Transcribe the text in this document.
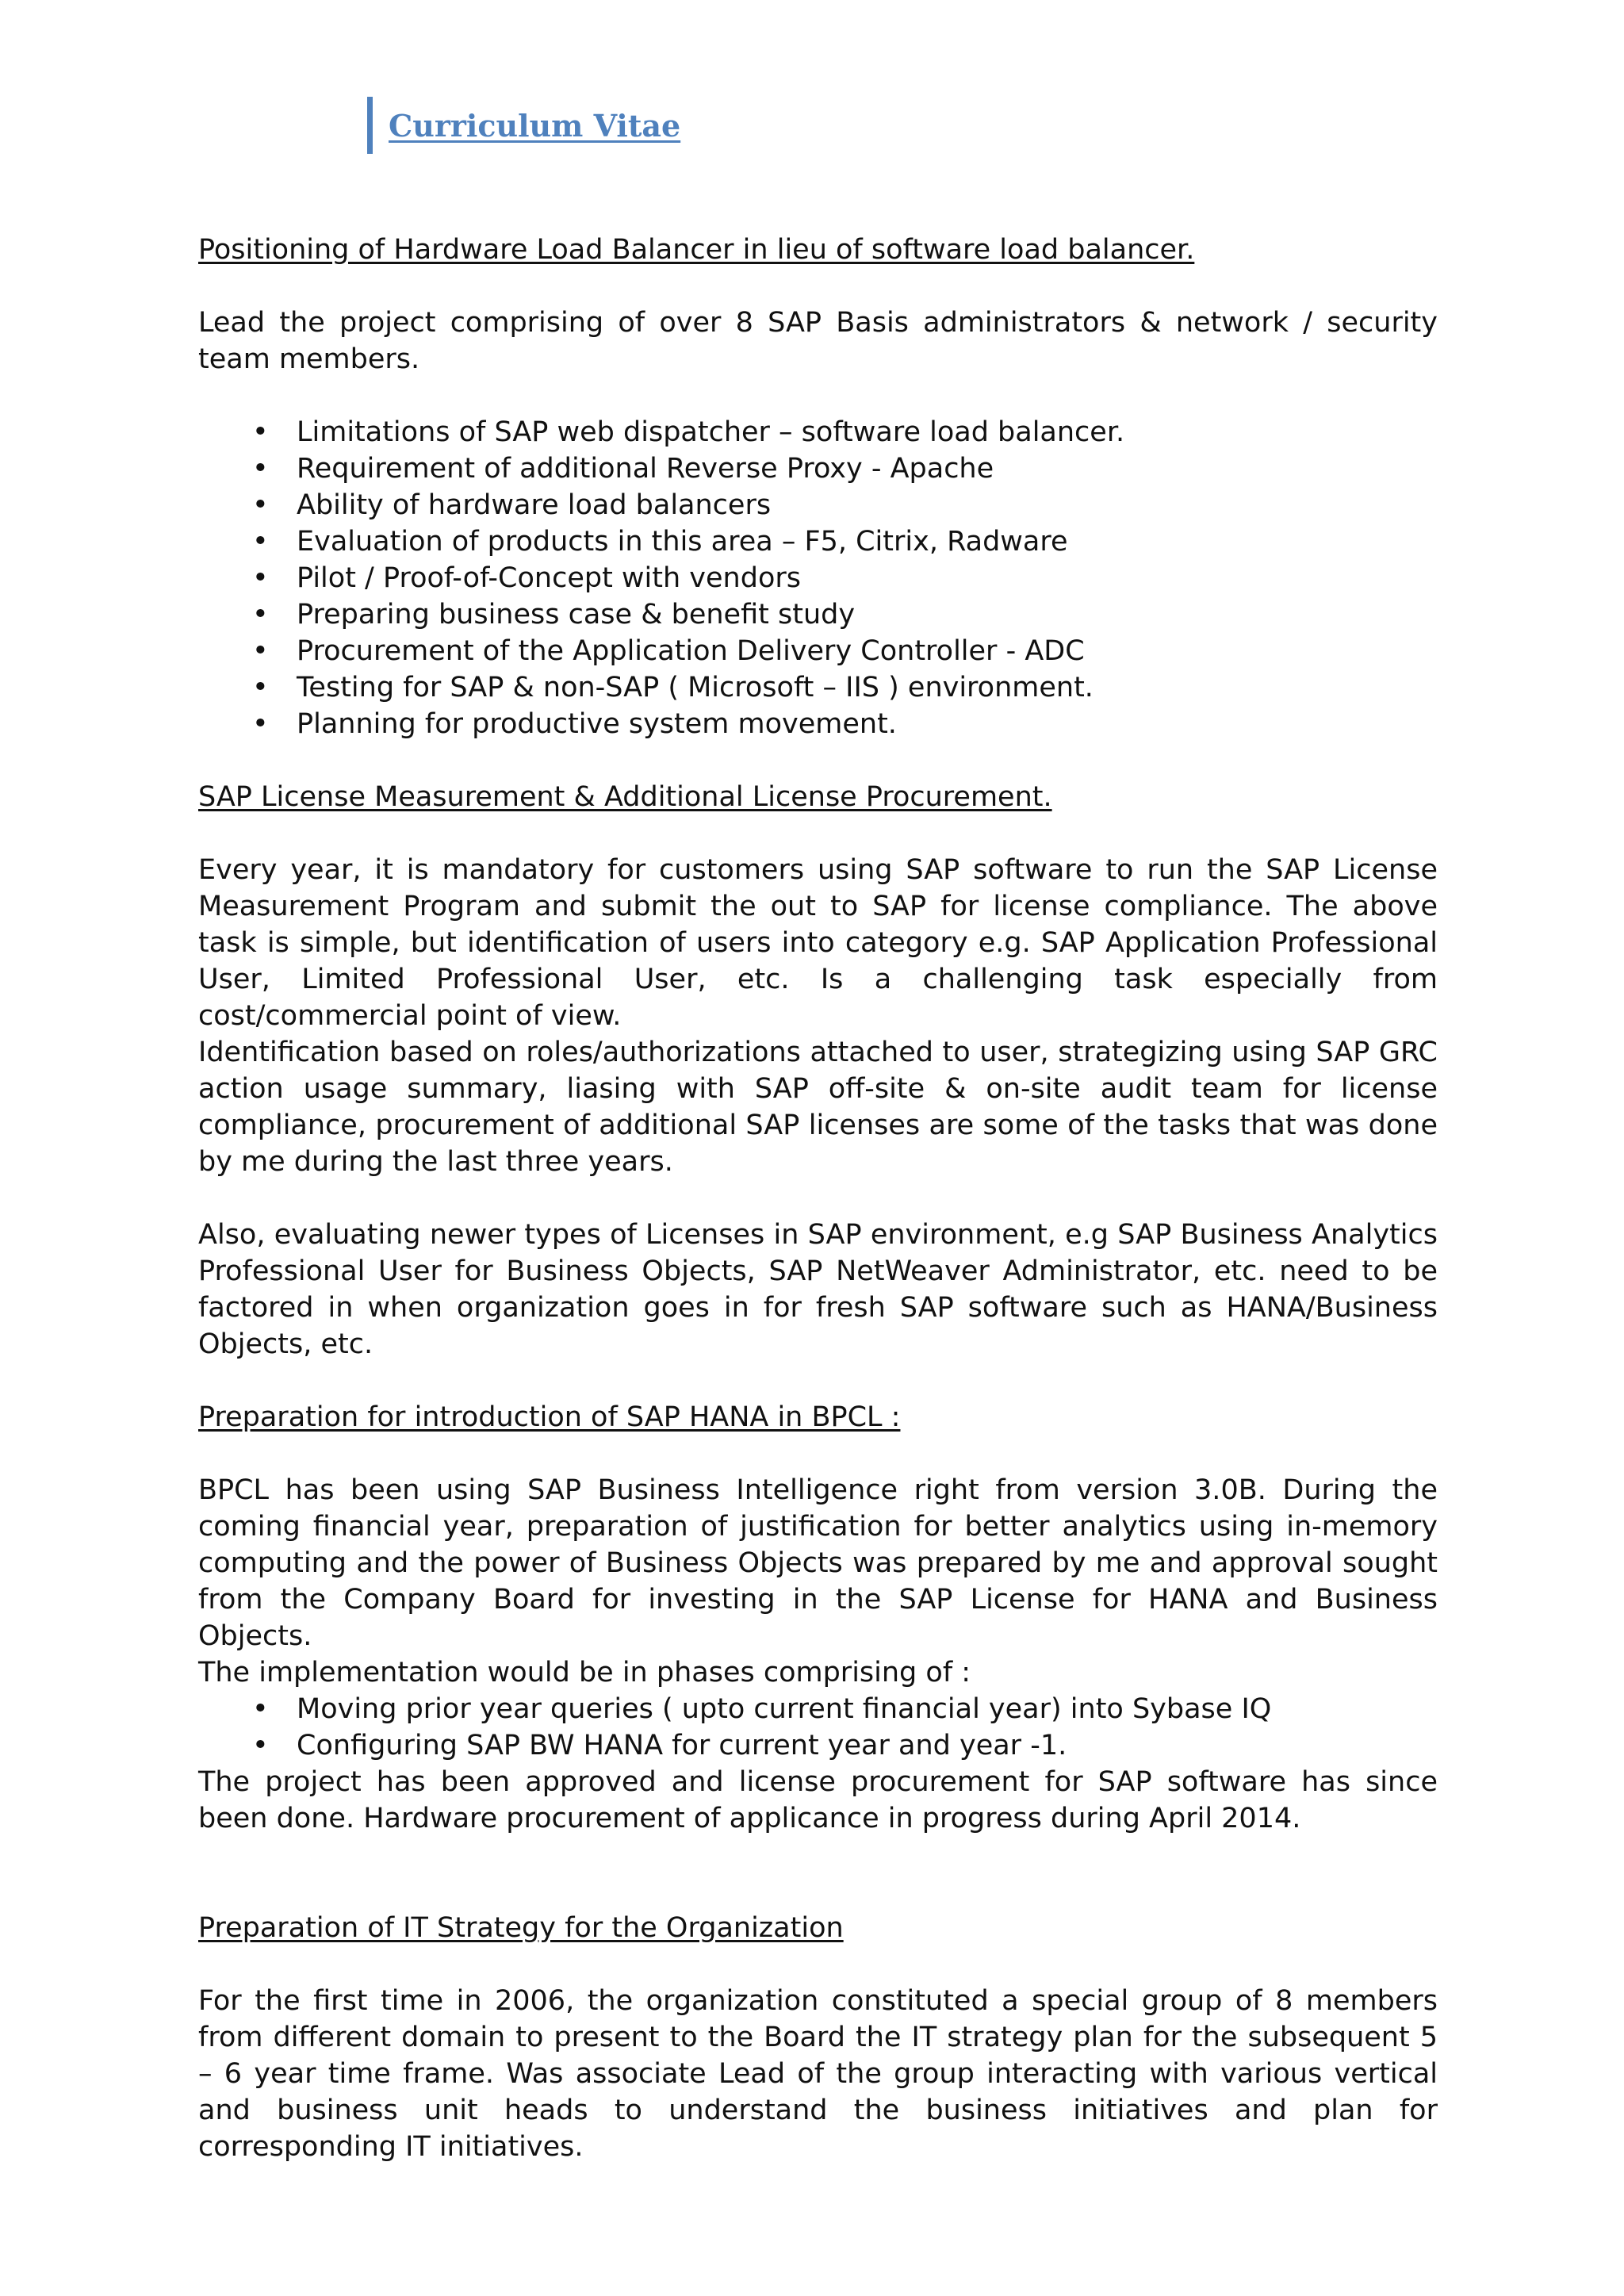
Curriculum Vitae

Positioning of Hardware Load Balancer in lieu of software load balancer.

Lead the project comprising of over 8 SAP Basis administrators & network / security team members.

• Limitations of SAP web dispatcher – software load balancer.
• Requirement of additional Reverse Proxy - Apache
• Ability of hardware load balancers
• Evaluation of products in this area – F5, Citrix, Radware
• Pilot / Proof-of-Concept with vendors
• Preparing business case & benefit study
• Procurement of the Application Delivery Controller - ADC
• Testing for SAP & non-SAP ( Microsoft – IIS ) environment.
• Planning for productive system movement.

SAP License Measurement & Additional License Procurement.

Every year, it is mandatory for customers using SAP software to run the SAP License Measurement Program and submit the out to SAP for license compliance. The above task is simple, but identification of users into category e.g. SAP Application Professional User, Limited Professional User, etc. Is a challenging task especially from cost/commercial point of view.

Identification based on roles/authorizations attached to user, strategizing using SAP GRC action usage summary, liasing with SAP off-site & on-site audit team for license compliance, procurement of additional SAP licenses are some of the tasks that was done by me during the last three years.

Also, evaluating newer types of Licenses in SAP environment, e.g SAP Business Analytics Professional User for Business Objects, SAP NetWeaver Administrator, etc. need to be factored in when organization goes in for fresh SAP software such as HANA/Business Objects, etc.

Preparation for introduction of SAP HANA in BPCL :

BPCL has been using SAP Business Intelligence right from version 3.0B. During the coming financial year, preparation of justification for better analytics using in-memory computing and the power of Business Objects was prepared by me and approval sought from the Company Board for investing in the SAP License for HANA and Business Objects.

The implementation would be in phases comprising of :

• Moving prior year queries ( upto current financial year) into Sybase IQ
• Configuring SAP BW HANA for current year and year -1.

The project has been approved and license procurement for SAP software has since been done. Hardware procurement of applicance in progress during April 2014.

Preparation of IT Strategy for the Organization

For the first time in 2006, the organization constituted a special group of 8 members from different domain to present to the Board the IT strategy plan for the subsequent 5 – 6 year time frame. Was associate Lead of the group interacting with various vertical and business unit heads to understand the business initiatives and plan for corresponding IT initiatives.
